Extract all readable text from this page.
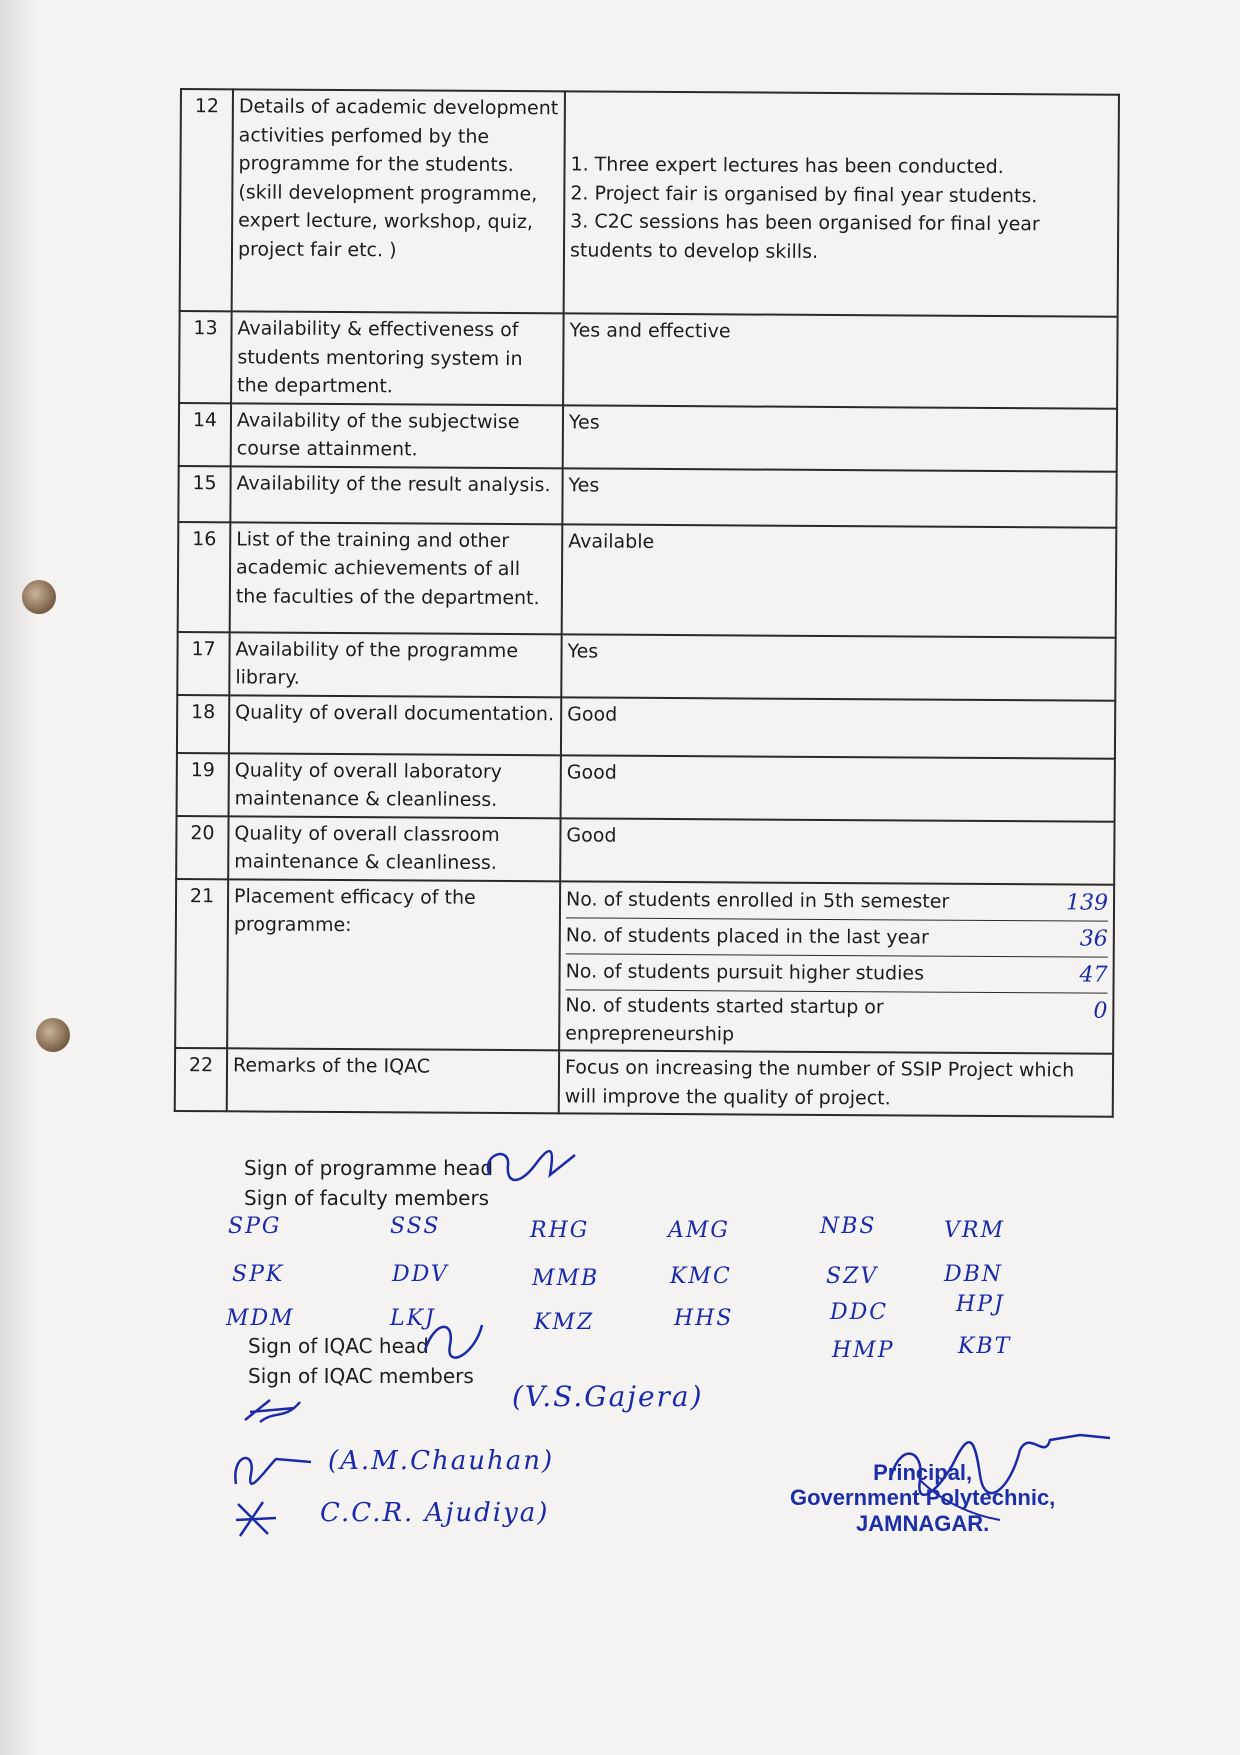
12	Details of academic development activities perfomed by the programme for the students. (skill development programme, expert lecture, workshop, quiz, project fair etc. )	
1. Three expert lectures has been conducted.
2. Project fair is organised by final year students.
3. C2C sessions has been organised for final year students to develop skills.

13	Availability & effectiveness of students mentoring system in the department.	Yes and effective
14	Availability of the subjectwise course attainment.	Yes
15	Availability of the result analysis.	Yes
16	List of the training and other academic achievements of all the faculties of the department.	Available
17	Availability of the programme library.	Yes
18	Quality of overall documentation.	Good
19	Quality of overall laboratory maintenance & cleanliness.	Good
20	Quality of overall classroom maintenance & cleanliness.	Good
21	Placement efficacy of the programme:	
No. of students enrolled in 5th semester	139
No. of students placed in the last year	36
No. of students pursuit higher studies	47
No. of students started startup or enprepreneurship	0

22	Remarks of the IQAC	Focus on increasing the number of SSIP Project which will improve the quality of project.
Sign of programme head
Sign of faculty members
SPG	SSS	RHG	AMG	NBS	VRM
SPK	DDV	MMB	KMC	SZV	DBN
MDM	LKJ	KMZ	HHS	DDC	HPJ
HMP	KBT
Sign of IQAC head
Sign of IQAC members
(V.S.Gajera)
(A.M.Chauhan)
C.C.R. Ajudiya)
Principal,
Government Polytechnic,
JAMNAGAR.
